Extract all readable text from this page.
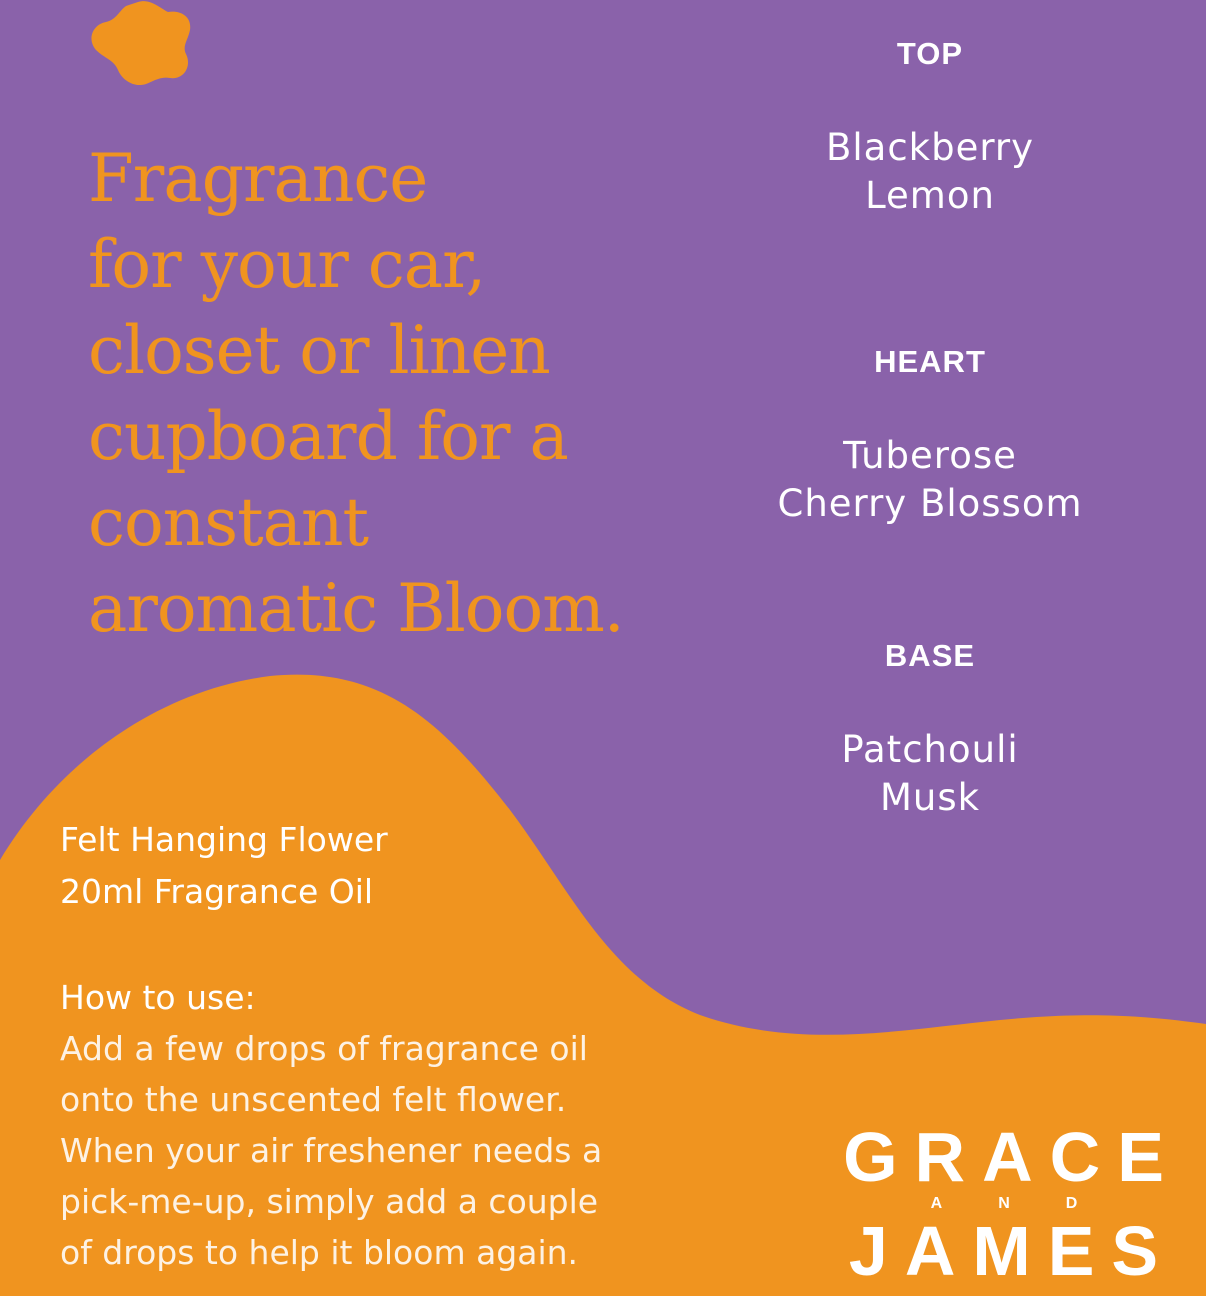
Fragrance
for your car,
closet or linen
cupboard for a
constant
aromatic Bloom.
TOP
Blackberry
Lemon
HEART
Tuberose
Cherry Blossom
BASE
Patchouli
Musk
Felt Hanging Flower
20ml Fragrance Oil
How to use:
Add a few drops of fragrance oil
onto the unscented felt flower.
When your air freshener needs a
pick-me-up, simply add a couple
of drops to help it bloom again.
GRACE
AND
JAMES
